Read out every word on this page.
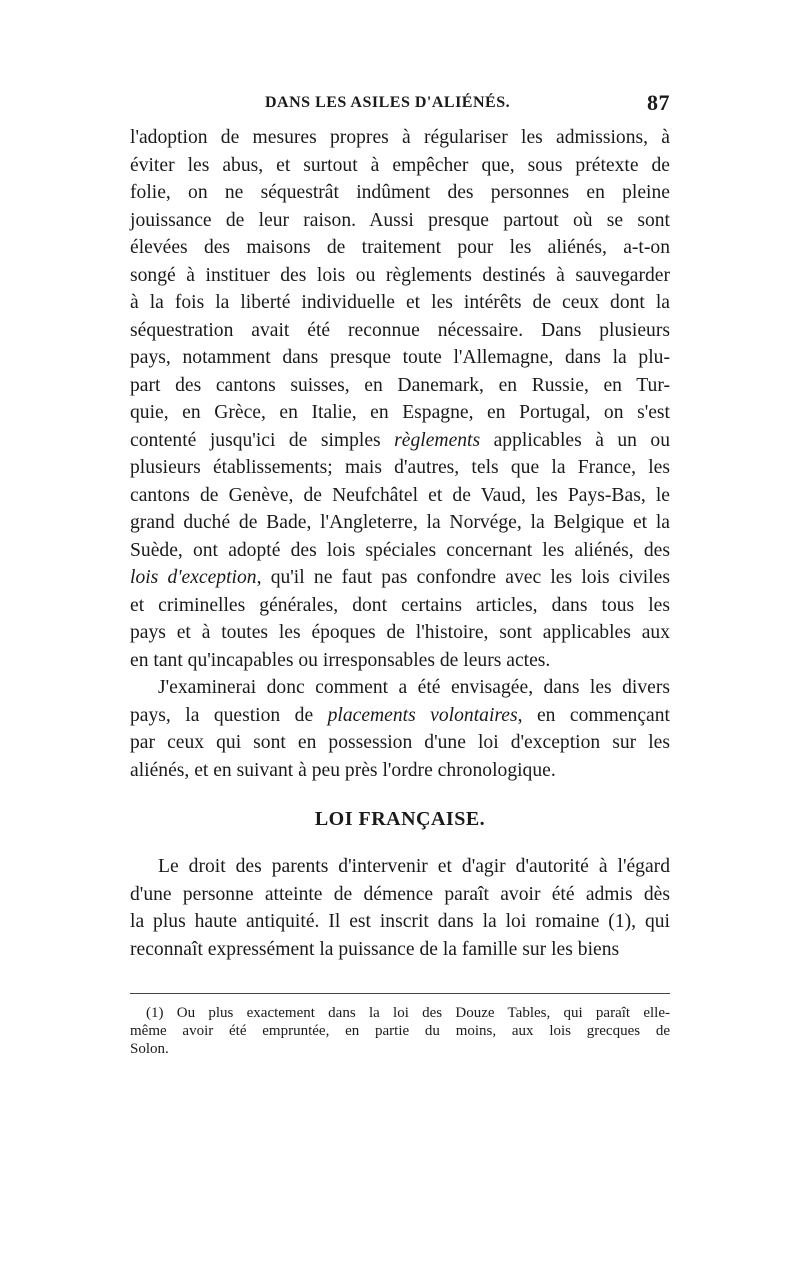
DANS LES ASILES D'ALIÉNÉS.	87
l'adoption de mesures propres à régulariser les admissions, à
éviter les abus, et surtout à empêcher que, sous prétexte de
folie, on ne séquestrât indûment des personnes en pleine
jouissance de leur raison. Aussi presque partout où se sont
élevées des maisons de traitement pour les aliénés, a-t-on
songé à instituer des lois ou règlements destinés à sauvegarder
à la fois la liberté individuelle et les intérêts de ceux dont la
séquestration avait été reconnue nécessaire. Dans plusieurs
pays, notamment dans presque toute l'Allemagne, dans la plu-
part des cantons suisses, en Danemark, en Russie, en Tur-
quie, en Grèce, en Italie, en Espagne, en Portugal, on s'est
contenté jusqu'ici de simples règlements applicables à un ou
plusieurs établissements; mais d'autres, tels que la France, les
cantons de Genève, de Neufchâtel et de Vaud, les Pays-Bas, le
grand duché de Bade, l'Angleterre, la Norvége, la Belgique et la
Suède, ont adopté des lois spéciales concernant les aliénés, des
lois d'exception, qu'il ne faut pas confondre avec les lois civiles
et criminelles générales, dont certains articles, dans tous les
pays et à toutes les époques de l'histoire, sont applicables aux
en tant qu'incapables ou irresponsables de leurs actes.
J'examinerai donc comment a été envisagée, dans les divers
pays, la question de placements volontaires, en commençant
par ceux qui sont en possession d'une loi d'exception sur les
aliénés, et en suivant à peu près l'ordre chronologique.
LOI FRANÇAISE.
Le droit des parents d'intervenir et d'agir d'autorité à l'égard
d'une personne atteinte de démence paraît avoir été admis dès
la plus haute antiquité. Il est inscrit dans la loi romaine (1), qui
reconnaît expressément la puissance de la famille sur les biens
(1) Ou plus exactement dans la loi des Douze Tables, qui paraît elle-
même avoir été empruntée, en partie du moins, aux lois grecques de
Solon.
